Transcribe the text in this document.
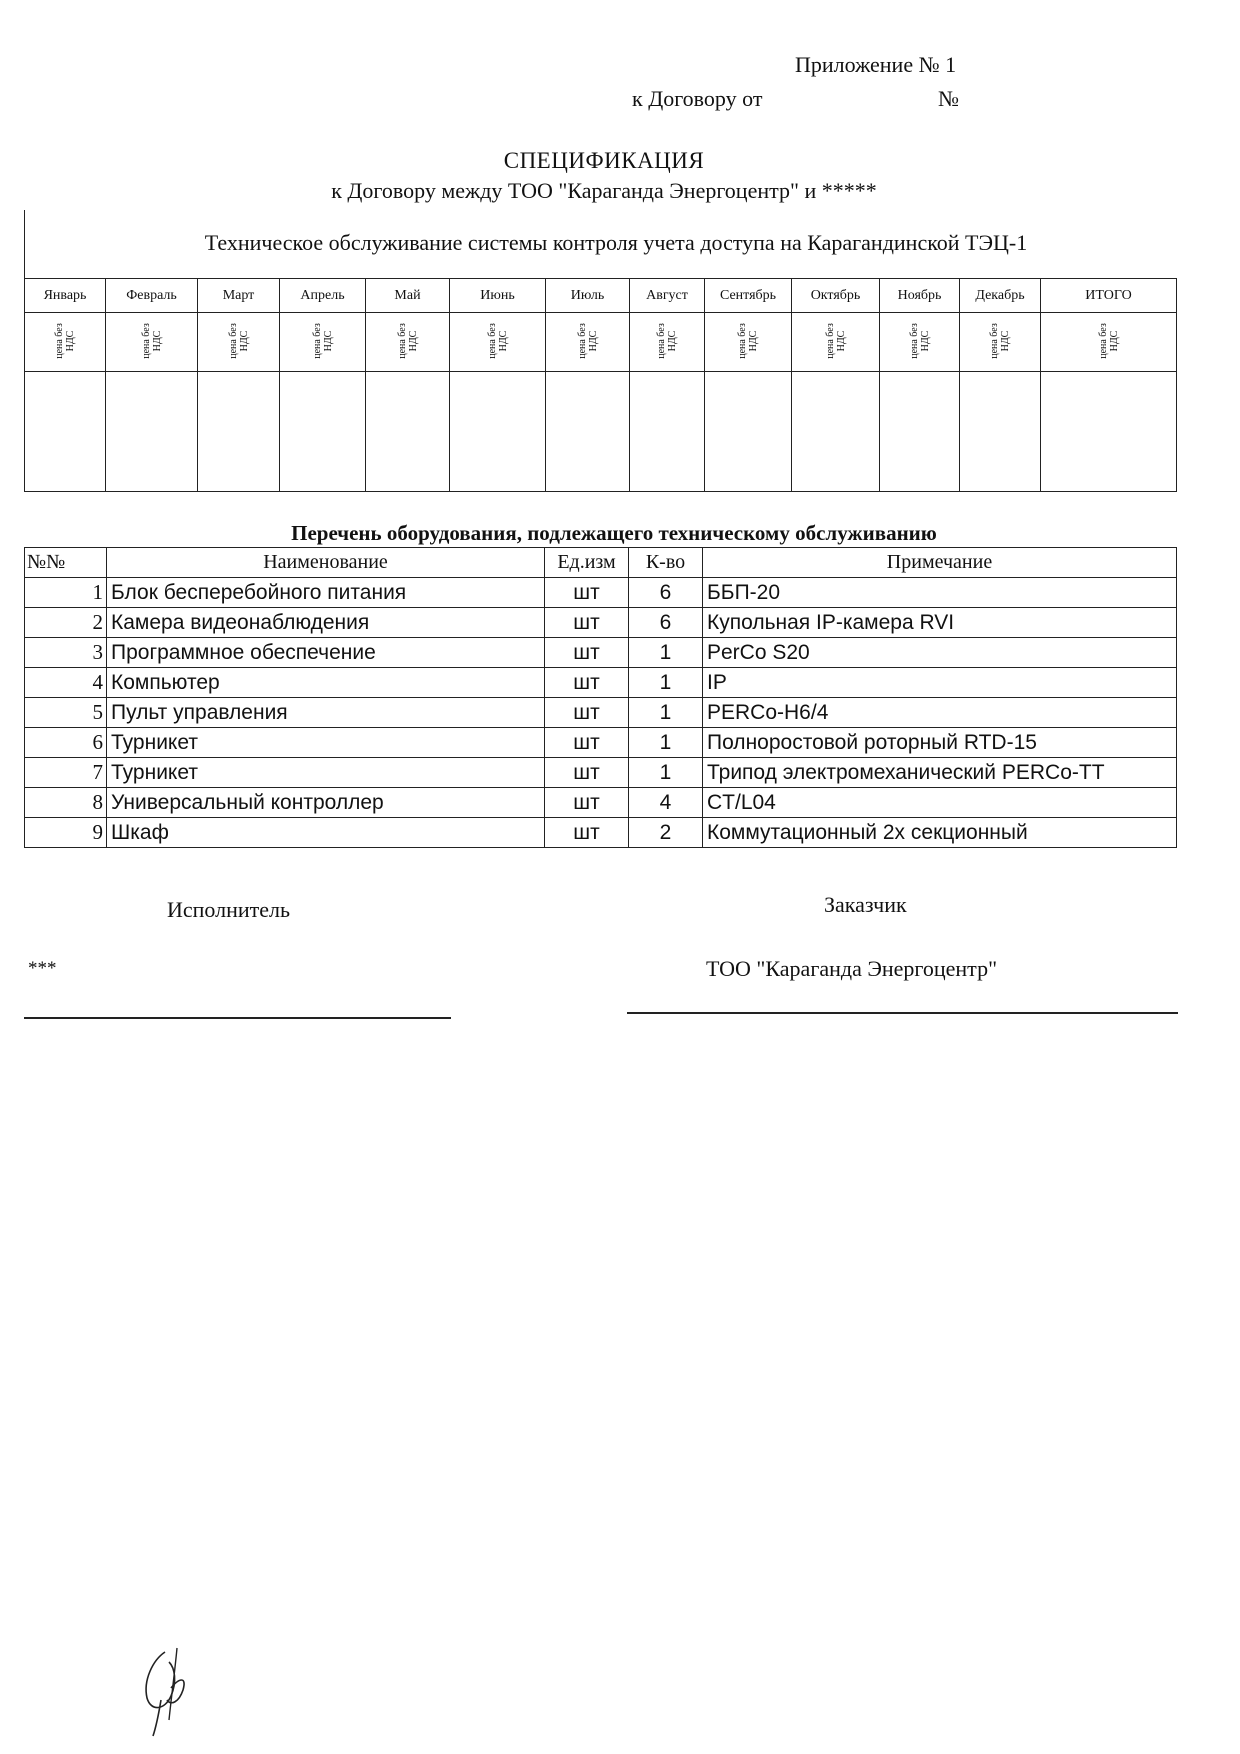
Приложение № 1
к Договору от	№
СПЕЦИФИКАЦИЯ
к Договору между ТОО "Караганда Энергоцентр" и *****
Техническое обслуживание системы контроля учета доступа на Карагандинской ТЭЦ-1
Январь	Февраль	Март	Апрель	Май	Июнь	Июль	Август	Сентябрь	Октябрь	Ноябрь	Декабрь	ИТОГО
цена без
НДС	цена без
НДС	цена без
НДС	цена без
НДС	цена без
НДС	цена без
НДС	цена без
НДС	цена без
НДС	цена без
НДС	цена без
НДС	цена без
НДС	цена без
НДС	цена без
НДС

Перечень оборудования, подлежащего техническому обслуживанию
№№	Наименование	Ед.изм	К-во	Примечание
1	Блок бесперебойного питания	шт	6	ББП-20
2	Камера видеонаблюдения	шт	6	Купольная IP-камера RVI
3	Программное обеспечение	шт	1	PerCo S20
4	Компьютер	шт	1	IP
5	Пульт управления	шт	1	PERCo-H6/4
6	Турникет	шт	1	Полноростовой роторный RTD-15
7	Турникет	шт	1	Трипод электромеханический PERCo-TT
8	Универсальный контроллер	шт	4	CT/L04
9	Шкаф	шт	2	Коммутационный 2х секционный
Исполнитель	Заказчик
***	ТОО "Караганда Энергоцентр"
